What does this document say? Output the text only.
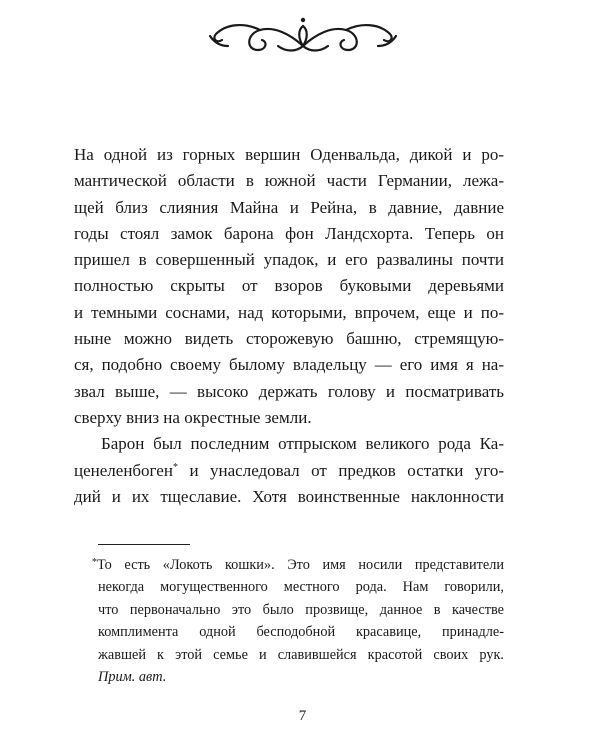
На одной из горных вершин Оденвальда, дикой и ро-
мантической области в южной части Германии, лежа-
щей близ слияния Майна и Рейна, в давние, давние
годы стоял замок барона фон Ландсхорта. Теперь он
пришел в совершенный упадок, и его развалины почти
полностью скрыты от взоров буковыми деревьями
и темными соснами, над которыми, впрочем, еще и по-
ныне можно видеть сторожевую башню, стремящую-
ся, подобно своему былому владельцу — его имя я на-
звал выше, — высоко держать голову и посматривать
сверху вниз на окрестные земли.
Барон был последним отпрыском великого рода Ка-
ценеленбоген* и унаследовал от предков остатки уго-
дий и их тщеславие. Хотя воинственные наклонности
*То есть «Локоть кошки». Это имя носили представители
некогда могущественного местного рода. Нам говорили,
что первоначально это было прозвище, данное в качестве
комплимента одной бесподобной красавице, принадле-
жавшей к этой семье и славившейся красотой своих рук.
Прим. авт.
7
